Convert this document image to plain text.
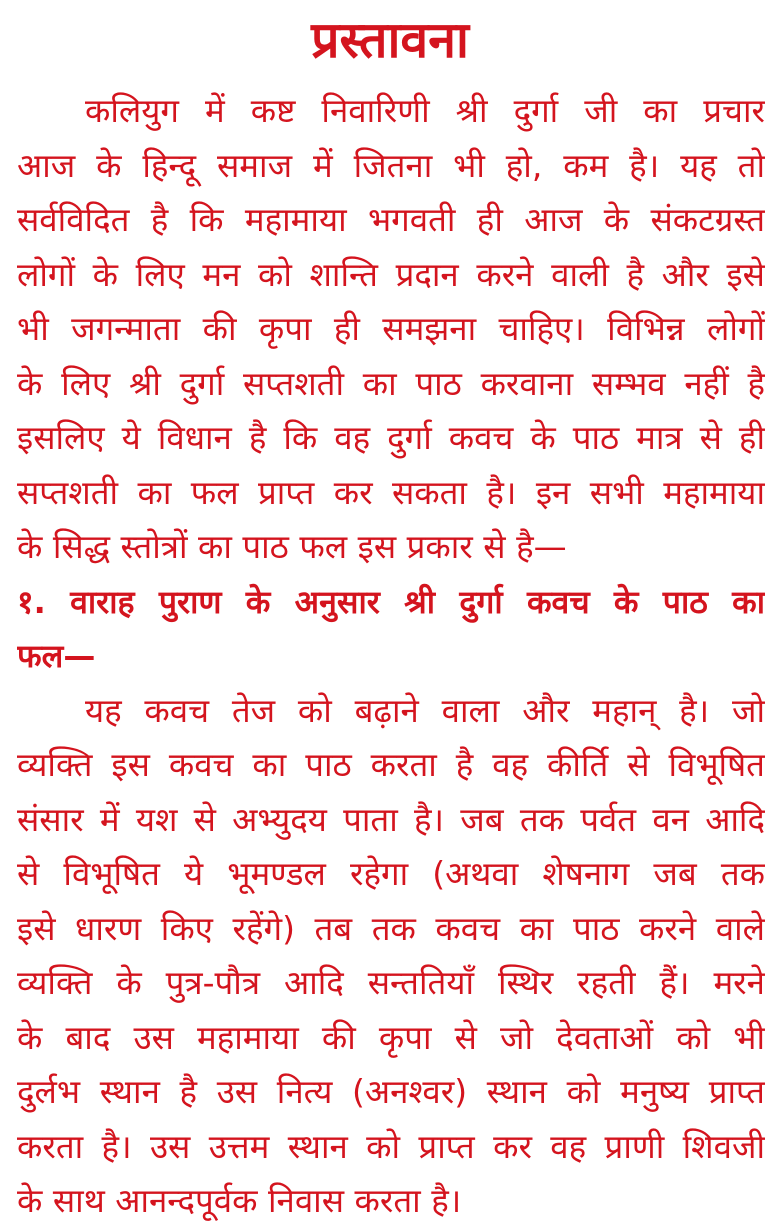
प्रस्तावना
कलियुग में कष्ट निवारिणी श्री दुर्गा जी का प्रचार
आज के हिन्दू समाज में जितना भी हो, कम है। यह तो
सर्वविदित है कि महामाया भगवती ही आज के संकटग्रस्त
लोगों के लिए मन को शान्ति प्रदान करने वाली है और इसे
भी जगन्माता की कृपा ही समझना चाहिए। विभिन्न लोगों
के लिए श्री दुर्गा सप्तशती का पाठ करवाना सम्भव नहीं है
इसलिए ये विधान है कि वह दुर्गा कवच के पाठ मात्र से ही
सप्तशती का फल प्राप्त कर सकता है। इन सभी महामाया
के सिद्ध स्तोत्रों का पाठ फल इस प्रकार से है—
१. वाराह पुराण के अनुसार श्री दुर्गा कवच के पाठ का
फल—
यह कवच तेज को बढ़ाने वाला और महान् है। जो
व्यक्ति इस कवच का पाठ करता है वह कीर्ति से विभूषित
संसार में यश से अभ्युदय पाता है। जब तक पर्वत वन आदि
से विभूषित ये भूमण्डल रहेगा (अथवा शेषनाग जब तक
इसे धारण किए रहेंगे) तब तक कवच का पाठ करने वाले
व्यक्ति के पुत्र-पौत्र आदि सन्ततियाँ स्थिर रहती हैं। मरने
के बाद उस महामाया की कृपा से जो देवताओं को भी
दुर्लभ स्थान है उस नित्य (अनश्वर) स्थान को मनुष्य प्राप्त
करता है। उस उत्तम स्थान को प्राप्त कर वह प्राणी शिवजी
के साथ आनन्दपूर्वक निवास करता है।
